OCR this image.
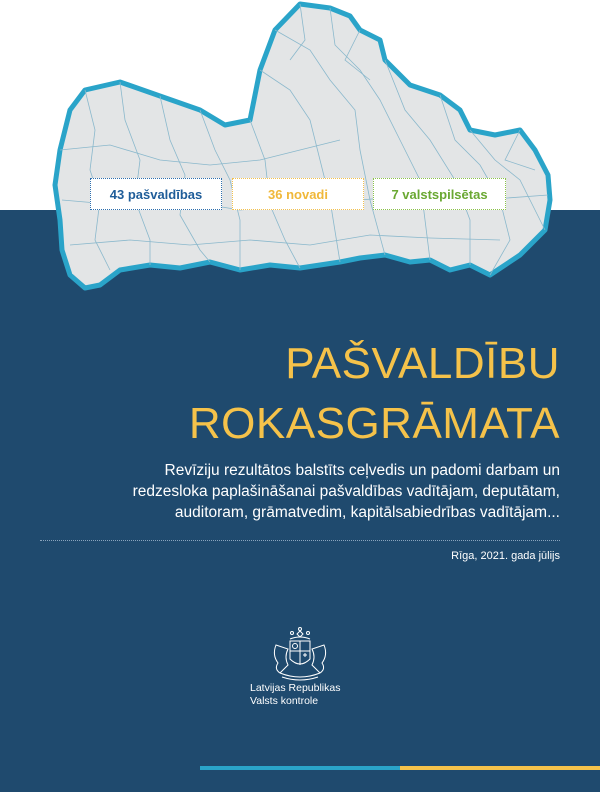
43 pašvaldības	36 novadi	7 valstspilsētas
PAŠVALDĪBU
ROKASGRĀMATA
Revīziju rezultātos balstīts ceļvedis un padomi darbam un
redzesloka paplašināšanai pašvaldības vadītājam, deputātam,
auditoram, grāmatvedim, kapitālsabiedrības vadītājam...
Rīga, 2021. gada jūlijs
Latvijas Republikas
Valsts kontrole
